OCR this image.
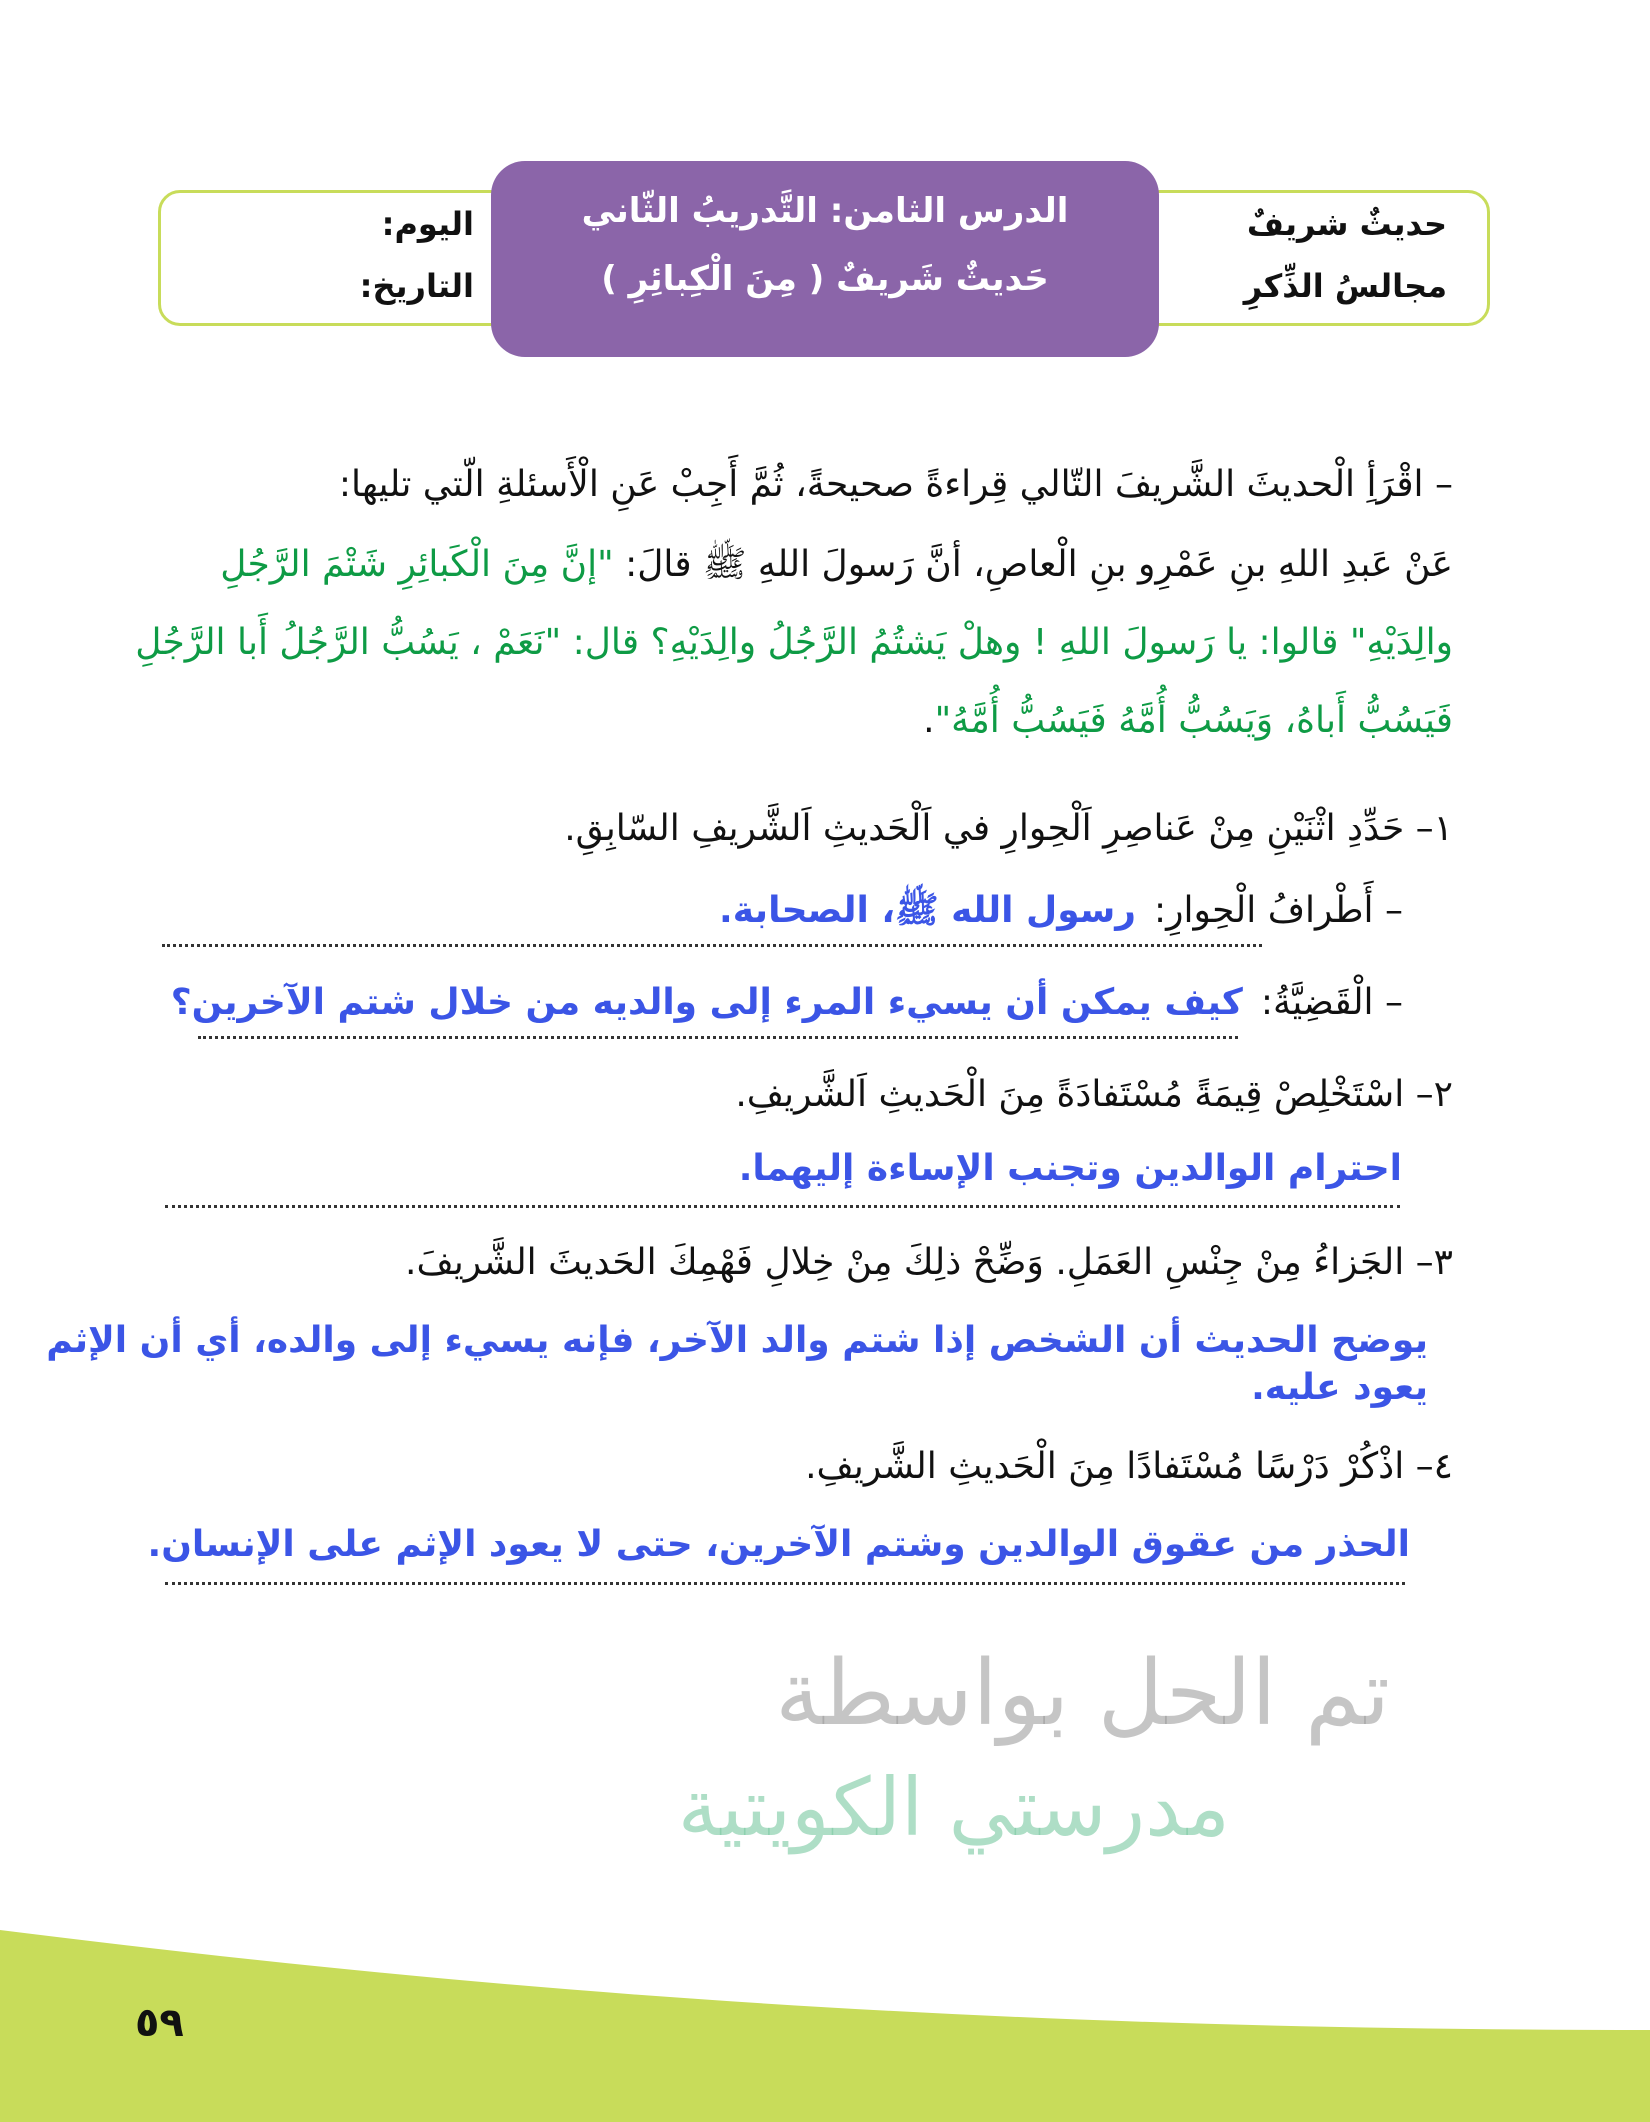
حديثٌ شريفٌ
مجالسُ الذِّكرِ
اليوم:
التاريخ:
الدرس الثامن: التَّدريبُ الثّاني
حَديثٌ شَريفٌ ( مِنَ الْكِبائِرِ )
– اقْرَأِ الْحديثَ الشَّريفَ التّالي قِراءةً صحيحةً، ثُمَّ أَجِبْ عَنِ الْأَسئلةِ الّتي تليها:
عَنْ عَبدِ اللهِ بنِ عَمْرِو بنِ الْعاصِ، أنَّ رَسولَ اللهِ ﷺ قالَ: "إنَّ مِنَ الْكَبائِرِ شَتْمَ الرَّجُلِ
والِدَيْهِ" قالوا: يا رَسولَ اللهِ ! وهلْ يَشتُمُ الرَّجُلُ والِدَيْهِ؟ قال: "نَعَمْ ، يَسُبُّ الرَّجُلُ أَبا الرَّجُلِ
فَيَسُبُّ أَباهُ، وَيَسُبُّ أُمَّهُ فَيَسُبُّ أُمَّهُ".
١– حَدِّدِ اثْنَيْنِ مِنْ عَناصِرِ اَلْحِوارِ في اَلْحَديثِ اَلشَّريفِ السّابِقِ.
– أَطْرافُ الْحِوارِ:
رسول الله ﷺ، الصحابة.
– الْقَضِيَّةُ:
كيف يمكن أن يسيء المرء إلى والديه من خلال شتم الآخرين؟
٢– اسْتَخْلِصْ قِيمَةً مُسْتَفادَةً مِنَ الْحَديثِ اَلشَّريفِ.
احترام الوالدين وتجنب الإساءة إليهما.
٣– الجَزاءُ مِنْ جِنْسِ العَمَلِ. وَضِّحْ ذلِكَ مِنْ خِلالِ فَهْمِكَ الحَديثَ الشَّريفَ.
يوضح الحديث أن الشخص إذا شتم والد الآخر، فإنه يسيء إلى والده، أي أن الإثم يعود عليه.
٤– اذْكُرْ دَرْسًا مُسْتَفادًا مِنَ الْحَديثِ الشَّريفِ.
الحذر من عقوق الوالدين وشتم الآخرين، حتى لا يعود الإثم على الإنسان.
تم الحل بواسطة
مدرستي الكويتية
٥٩
